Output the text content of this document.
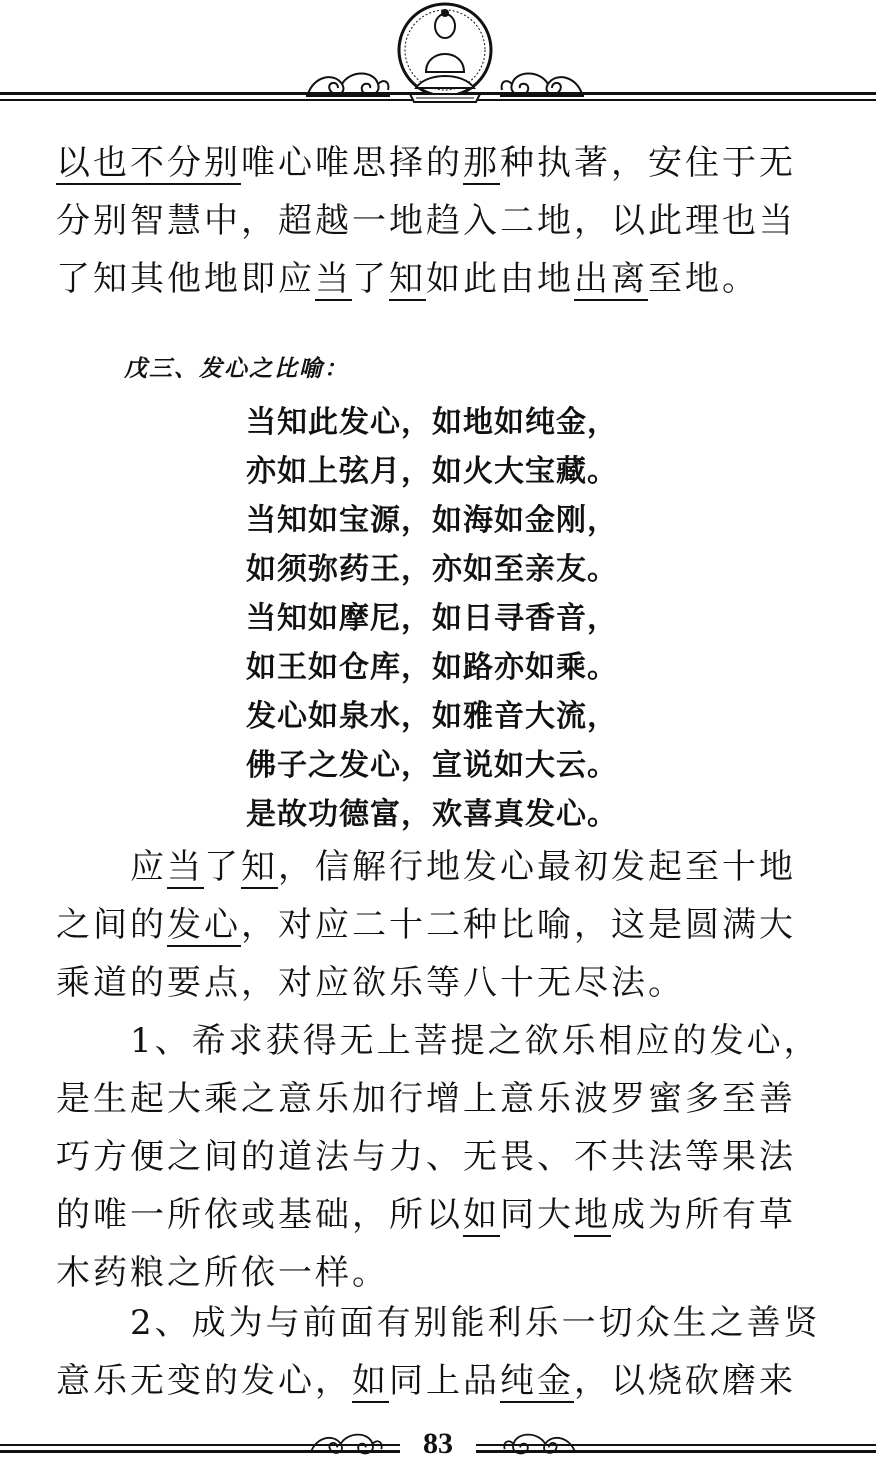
以也不分别唯心唯思择的那种执著，安住于无
分别智慧中，超越一地趋入二地，以此理也当
了知其他地即应当了知如此由地出离至地。
戊三、发心之比喻：
当知此发心，如地如纯金，
亦如上弦月，如火大宝藏。
当知如宝源，如海如金刚，
如须弥药王，亦如至亲友。
当知如摩尼，如日寻香音，
如王如仓库，如路亦如乘。
发心如泉水，如雅音大流，
佛子之发心，宣说如大云。
是故功德富，欢喜真发心。
　　应当了知，信解行地发心最初发起至十地
之间的发心，对应二十二种比喻，这是圆满大
乘道的要点，对应欲乐等八十无尽法。
　　1、希求获得无上菩提之欲乐相应的发心，
是生起大乘之意乐加行增上意乐波罗蜜多至善
巧方便之间的道法与力、无畏、不共法等果法
的唯一所依或基础，所以如同大地成为所有草
木药粮之所依一样。
　　2、成为与前面有别能利乐一切众生之善贤
意乐无变的发心，如同上品纯金，以烧砍磨来
83
